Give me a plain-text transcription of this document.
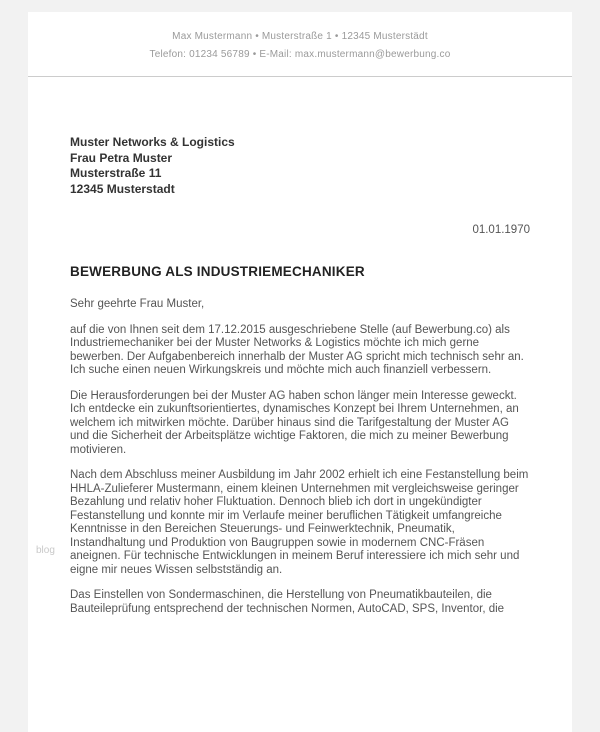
Max Mustermann • Musterstraße 1 • 12345 Musterstädt
Telefon: 01234 56789 • E-Mail: max.mustermann@bewerbung.co
Muster Networks & Logistics
Frau Petra Muster
Musterstraße 11
12345 Musterstadt
01.01.1970
BEWERBUNG ALS INDUSTRIEMECHANIKER

Sehr geehrte Frau Muster,

auf die von Ihnen seit dem 17.12.2015 ausgeschriebene Stelle (auf Bewerbung.co) als Industriemechaniker bei der Muster Networks & Logistics möchte ich mich gerne bewerben. Der Aufgabenbereich innerhalb der Muster AG spricht mich technisch sehr an. Ich suche einen neuen Wirkungskreis und möchte mich auch finanziell verbessern.

Die Herausforderungen bei der Muster AG haben schon länger mein Interesse geweckt. Ich entdecke ein zukunftsorientiertes, dynamisches Konzept bei Ihrem Unternehmen, an welchem ich mitwirken möchte. Darüber hinaus sind die Tarifgestaltung der Muster AG und die Sicherheit der Arbeitsplätze wichtige Faktoren, die mich zu meiner Bewerbung motivieren.

Nach dem Abschluss meiner Ausbildung im Jahr 2002 erhielt ich eine Festanstellung beim HHLA-Zulieferer Mustermann, einem kleinen Unternehmen mit vergleichsweise geringer Bezahlung und relativ hoher Fluktuation. Dennoch blieb ich dort in ungekündigter Festanstellung und konnte mir im Verlaufe meiner beruflichen Tätigkeit umfangreiche Kenntnisse in den Bereichen Steuerungs- und Feinwerktechnik, Pneumatik, Instandhaltung und Produktion von Baugruppen sowie in modernem CNC-Fräsen aneignen. Für technische Entwicklungen in meinem Beruf interessiere ich mich sehr und eigne mir neues Wissen selbstständig an.

Das Einstellen von Sondermaschinen, die Herstellung von Pneumatikbauteilen, die Bauteileprüfung entsprechend der technischen Normen, AutoCAD, SPS, Inventor, die

blog
